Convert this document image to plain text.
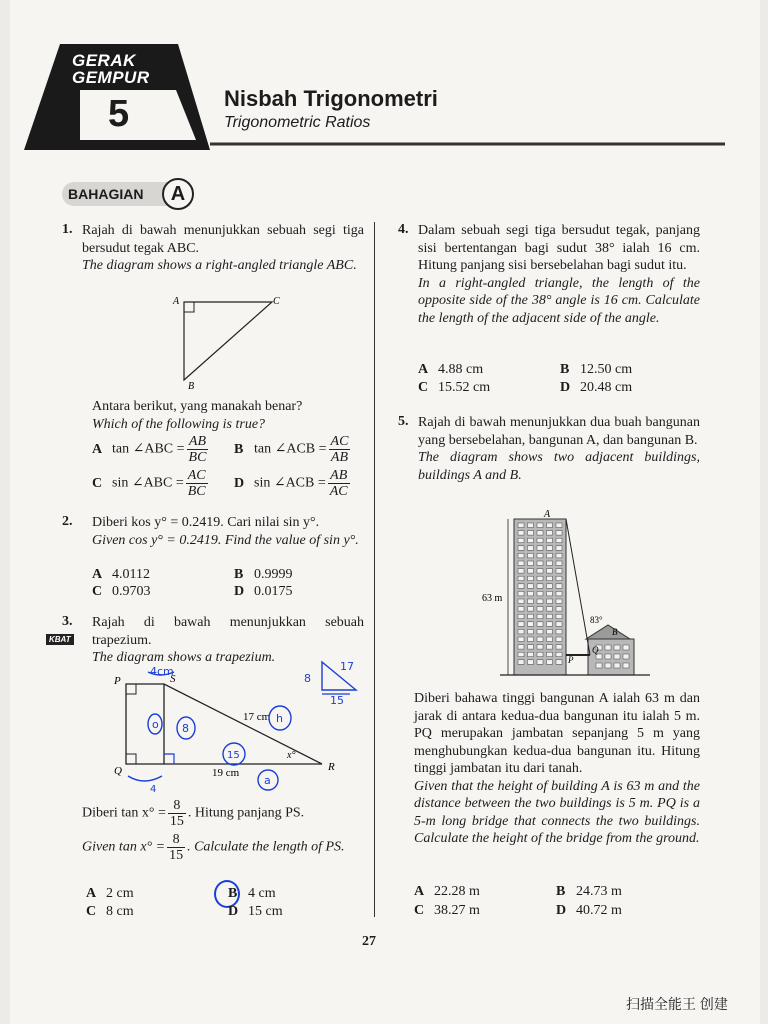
GERAK
GEMPUR
5	Nisbah Trigonometri
Trigonometric Ratios
BAHAGIAN	A
1. Rajah di bawah menunjukkan sebuah segi tiga bersudut tegak ABC.
The diagram shows a right-angled triangle ABC.
A	C
B
Antara berikut, yang manakah benar?
Which of the following is true?
A tan ∠ABC = $\frac{AB}{BC}$ B tan ∠ACB = $\frac{AC}{AB}$
C sin ∠ABC = $\frac{AC}{BC}$ D sin ∠ACB = $\frac{AB}{AC}$
2. Diberi kos y° = 0.2419. Cari nilai sin y°.
Given cos y° = 0.2419. Find the value of sin y°.
A 4.0112	B 0.9999
C 0.9703	D 0.0175
3.
KBAT
Rajah di bawah menunjukkan sebuah trapezium.
The diagram shows a trapezium.
P	S
Q	R
19 cm
17 cm
x°
4cm
o 8
15
a
h
4
17
8
15
Diberi $\tan x^\circ = \frac{8}{15}$ . Hitung panjang PS.
Given $\tan x^\circ = \frac{8}{15}$ . Calculate the length of PS.
A 2 cm	B 4 cm
C 8 cm	D 15 cm
4. Dalam sebuah segi tiga bersudut tegak, panjang sisi bertentangan bagi sudut 38° ialah 16 cm. Hitung panjang sisi bersebelahan bagi sudut itu.
In a right-angled triangle, the length of the opposite side of the 38° angle is 16 cm. Calculate the length of the adjacent side of the angle.
A 4.88 cm	B 12.50 cm
C 15.52 cm	D 20.48 cm
5. Rajah di bawah menunjukkan dua buah bangunan yang bersebelahan, bangunan A, dan bangunan B.
The diagram shows two adjacent buildings, buildings A and B.
63 m
A
B
P
Q
83°
Diberi bahawa tinggi bangunan A ialah 63 m dan jarak di antara kedua-dua bangunan itu ialah 5 m. PQ merupakan jambatan sepanjang 5 m yang menghubungkan kedua-dua bangunan itu. Hitung tinggi jambatan itu dari tanah.
Given that the height of building A is 63 m and the distance between the two buildings is 5 m. PQ is a 5-m long bridge that connects the two buildings. Calculate the height of the bridge from the ground.
A 22.28 m	B 24.73 m
C 38.27 m	D 40.72 m
27
扫描全能王 创建
